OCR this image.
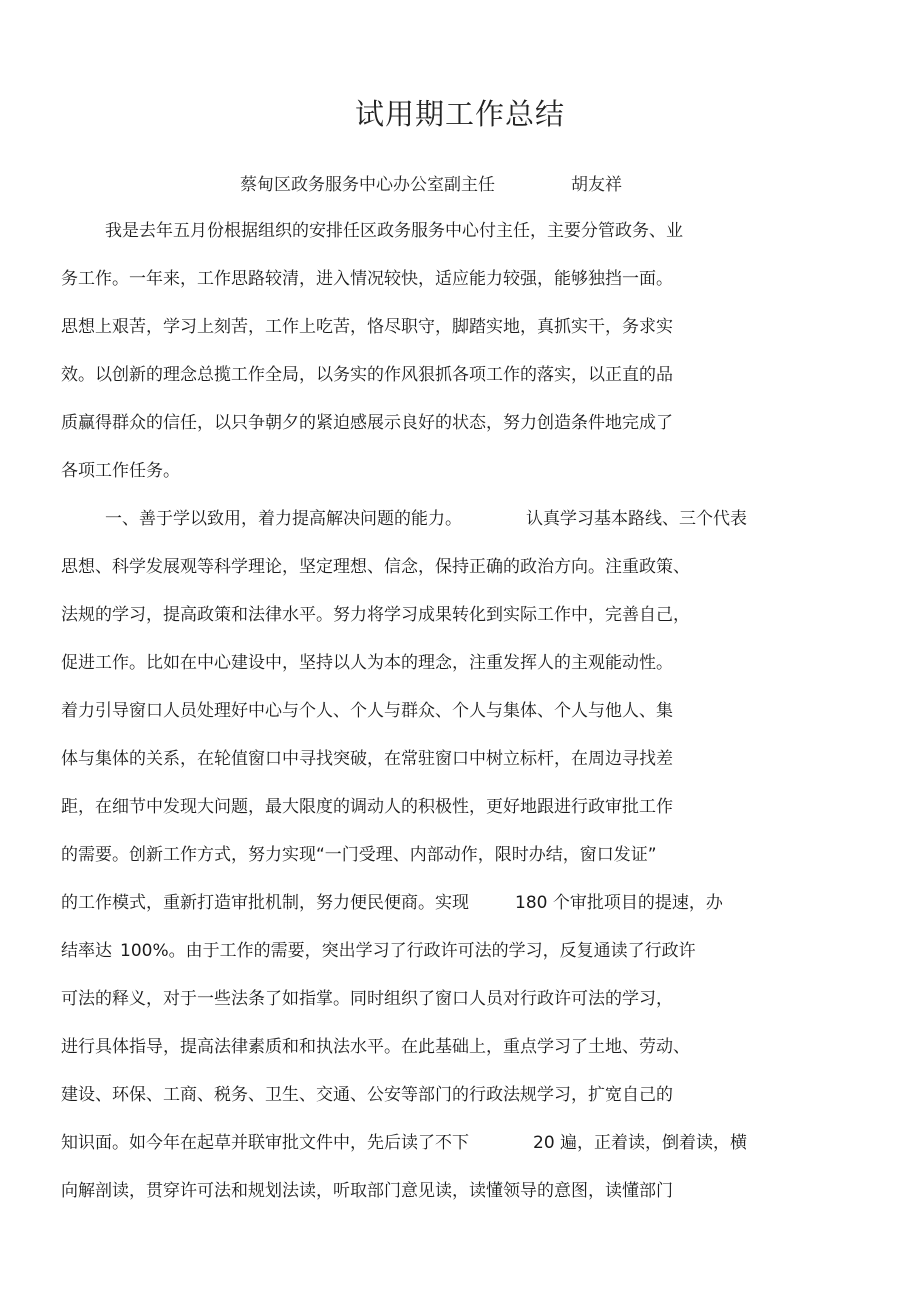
试用期工作总结
蔡甸区政务服务中心办公室副主任	胡友祥
我是去年五月份根据组织的安排任区政务服务中心付主任，主要分管政务、业
务工作。一年来，工作思路较清，进入情况较快，适应能力较强，能够独挡一面。
思想上艰苦，学习上刻苦，工作上吃苦，恪尽职守，脚踏实地，真抓实干，务求实
效。以创新的理念总揽工作全局，以务实的作风狠抓各项工作的落实，以正直的品
质赢得群众的信任，以只争朝夕的紧迫感展示良好的状态，努力创造条件地完成了
各项工作任务。
一、善于学以致用，着力提高解决问题的能力。	认真学习基本路线、三个代表
思想、科学发展观等科学理论，坚定理想、信念，保持正确的政治方向。注重政策、
法规的学习，提高政策和法律水平。努力将学习成果转化到实际工作中，完善自己，
促进工作。比如在中心建设中，坚持以人为本的理念，注重发挥人的主观能动性。
着力引导窗口人员处理好中心与个人、个人与群众、个人与集体、个人与他人、集
体与集体的关系，在轮值窗口中寻找突破，在常驻窗口中树立标杆，在周边寻找差
距，在细节中发现大问题，最大限度的调动人的积极性，更好地跟进行政审批工作
的需要。创新工作方式，努力实现“一门受理、内部动作，限时办结，窗口发证”
的工作模式，重新打造审批机制，努力便民便商。实现	180 个审批项目的提速，办
结率达 100%。由于工作的需要，突出学习了行政许可法的学习，反复通读了行政许
可法的释义，对于一些法条了如指掌。同时组织了窗口人员对行政许可法的学习，
进行具体指导，提高法律素质和和执法水平。在此基础上，重点学习了土地、劳动、
建设、环保、工商、税务、卫生、交通、公安等部门的行政法规学习，扩宽自己的
知识面。如今年在起草并联审批文件中，先后读了不下	20 遍，正着读，倒着读，横
向解剖读，贯穿许可法和规划法读，听取部门意见读，读懂领导的意图，读懂部门
